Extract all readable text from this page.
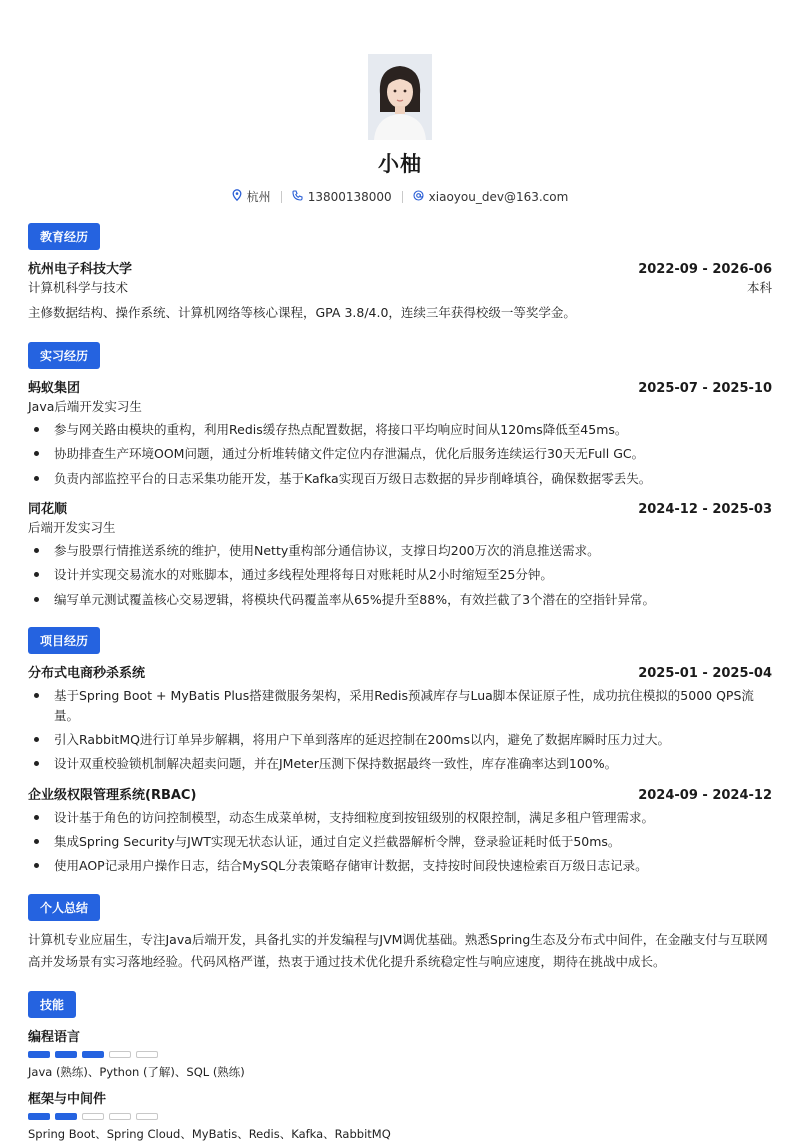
小柚
杭州	13800138000	xiaoyou_dev@163.com
教育经历
杭州电子科技大学	2022-09 - 2026-06
计算机科学与技术	本科
主修数据结构、操作系统、计算机网络等核心课程，GPA 3.8/4.0，连续三年获得校级一等奖学金。
实习经历
蚂蚁集团	2025-07 - 2025-10
Java后端开发实习生
参与网关路由模块的重构，利用Redis缓存热点配置数据，将接口平均响应时间从120ms降低至45ms。
协助排查生产环境OOM问题，通过分析堆转储文件定位内存泄漏点，优化后服务连续运行30天无Full GC。
负责内部监控平台的日志采集功能开发，基于Kafka实现百万级日志数据的异步削峰填谷，确保数据零丢失。
同花顺	2024-12 - 2025-03
后端开发实习生
参与股票行情推送系统的维护，使用Netty重构部分通信协议，支撑日均200万次的消息推送需求。
设计并实现交易流水的对账脚本，通过多线程处理将每日对账耗时从2小时缩短至25分钟。
编写单元测试覆盖核心交易逻辑，将模块代码覆盖率从65%提升至88%，有效拦截了3个潜在的空指针异常。
项目经历
分布式电商秒杀系统	2025-01 - 2025-04
基于Spring Boot + MyBatis Plus搭建微服务架构，采用Redis预减库存与Lua脚本保证原子性，成功抗住模拟的5000 QPS流量。
引入RabbitMQ进行订单异步解耦，将用户下单到落库的延迟控制在200ms以内，避免了数据库瞬时压力过大。
设计双重校验锁机制解决超卖问题，并在JMeter压测下保持数据最终一致性，库存准确率达到100%。
企业级权限管理系统(RBAC)	2024-09 - 2024-12
设计基于角色的访问控制模型，动态生成菜单树，支持细粒度到按钮级别的权限控制，满足多租户管理需求。
集成Spring Security与JWT实现无状态认证，通过自定义拦截器解析令牌，登录验证耗时低于50ms。
使用AOP记录用户操作日志，结合MySQL分表策略存储审计数据，支持按时间段快速检索百万级日志记录。
个人总结
计算机专业应届生，专注Java后端开发，具备扎实的并发编程与JVM调优基础。熟悉Spring生态及分布式中间件，在金融支付与互联网高并发场景有实习落地经验。代码风格严谨，热衷于通过技术优化提升系统稳定性与响应速度，期待在挑战中成长。
技能
编程语言
Java (熟练)、Python (了解)、SQL (熟练)
框架与中间件
Spring Boot、Spring Cloud、MyBatis、Redis、Kafka、RabbitMQ
